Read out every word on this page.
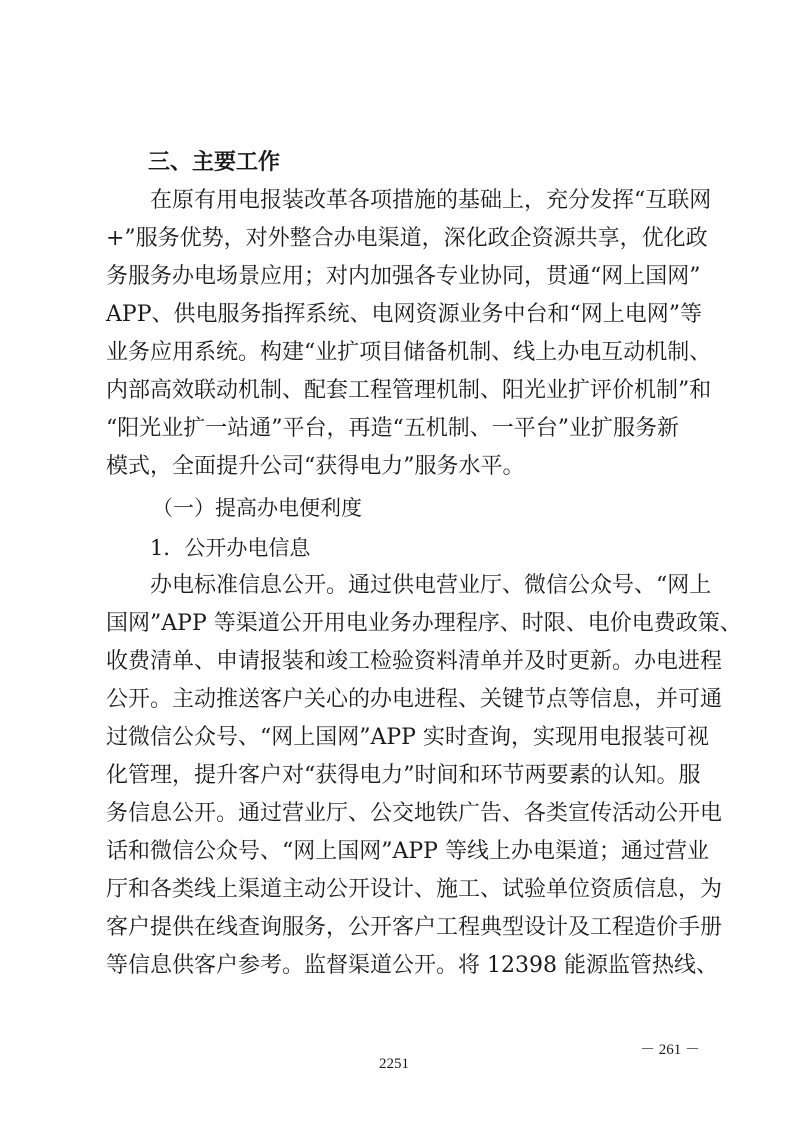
三、主要工作
在原有用电报装改革各项措施的基础上，充分发挥“互联网
+”服务优势，对外整合办电渠道，深化政企资源共享，优化政
务服务办电场景应用；对内加强各专业协同，贯通“网上国网”
APP、供电服务指挥系统、电网资源业务中台和“网上电网”等
业务应用系统。构建“业扩项目储备机制、线上办电互动机制、
内部高效联动机制、配套工程管理机制、阳光业扩评价机制”和
“阳光业扩一站通”平台，再造“五机制、一平台”业扩服务新
模式，全面提升公司“获得电力”服务水平。
（一）提高办电便利度
1．公开办电信息
办电标准信息公开。通过供电营业厅、微信公众号、“网上
国网”APP 等渠道公开用电业务办理程序、时限、电价电费政策、
收费清单、申请报装和竣工检验资料清单并及时更新。办电进程
公开。主动推送客户关心的办电进程、关键节点等信息，并可通
过微信公众号、“网上国网”APP 实时查询，实现用电报装可视
化管理，提升客户对“获得电力”时间和环节两要素的认知。服
务信息公开。通过营业厅、公交地铁广告、各类宣传活动公开电
话和微信公众号、“网上国网”APP 等线上办电渠道；通过营业
厅和各类线上渠道主动公开设计、施工、试验单位资质信息，为
客户提供在线查询服务，公开客户工程典型设计及工程造价手册
等信息供客户参考。监督渠道公开。将 12398 能源监管热线、
－ 261 －
2251
